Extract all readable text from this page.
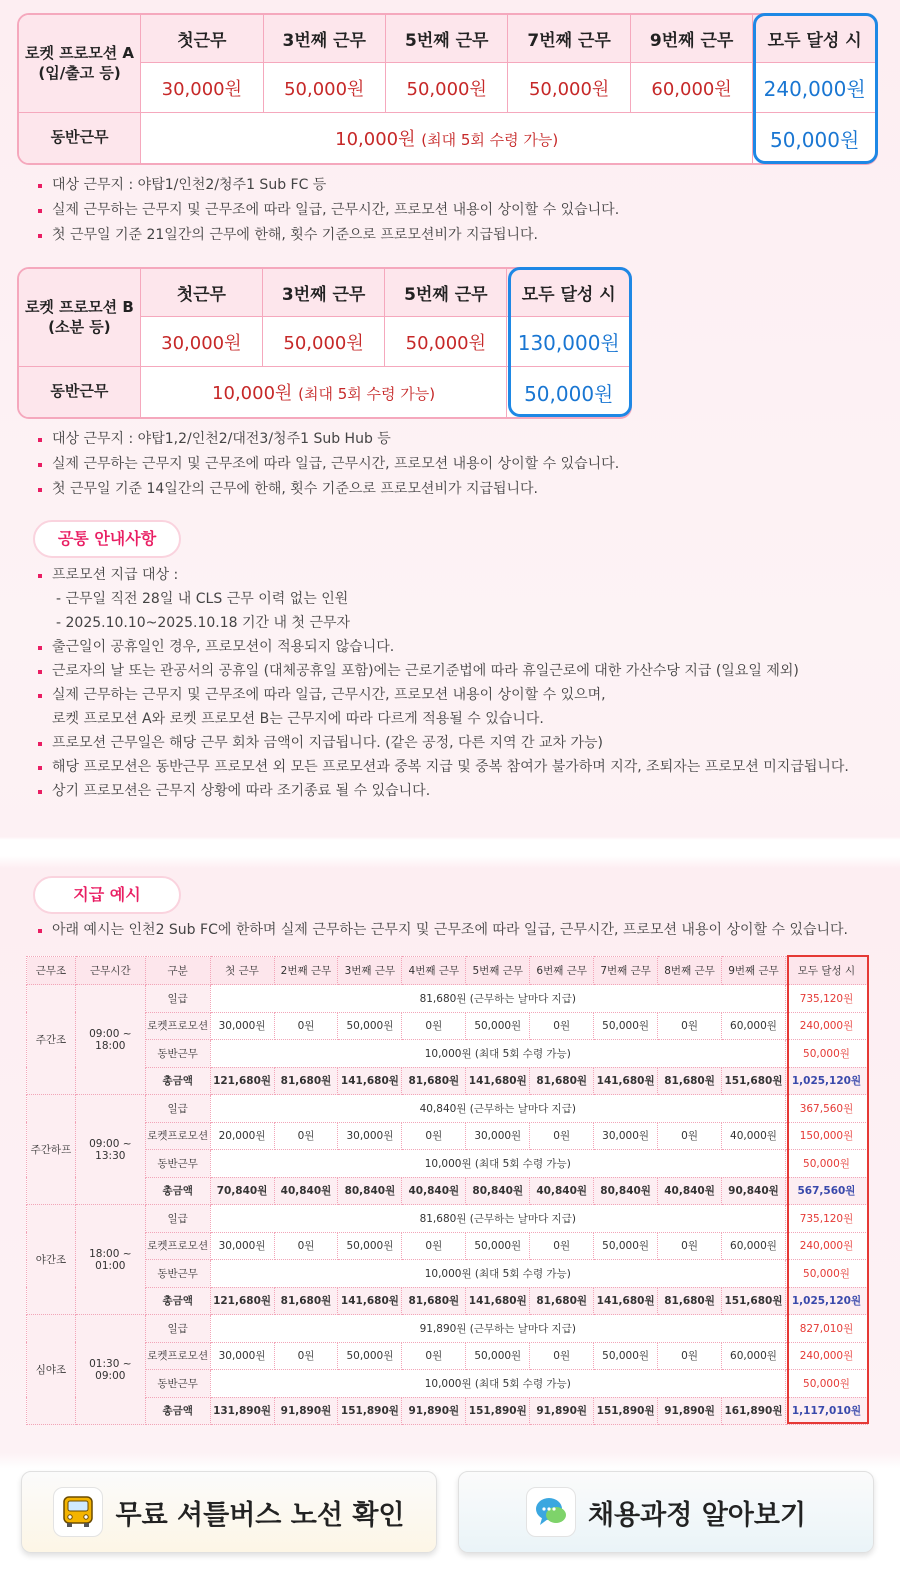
로켓 프로모션 A
(입/출고 등)	첫근무	3번째 근무	5번째 근무	7번째 근무	9번째 근무	모두 달성 시
	30,000원	50,000원	50,000원	50,000원	60,000원	240,000원
동반근무	10,000원 (최대 5회 수령 가능)					50,000원
대상 근무지 : 야탑1/인천2/청주1 Sub FC 등
실제 근무하는 근무지 및 근무조에 따라 일급, 근무시간, 프로모션 내용이 상이할 수 있습니다.
첫 근무일 기준 21일간의 근무에 한해, 횟수 기준으로 프로모션비가 지급됩니다.
로켓 프로모션 B
(소분 등)	첫근무	3번째 근무	5번째 근무	모두 달성 시
	30,000원	50,000원	50,000원	130,000원
동반근무	10,000원 (최대 5회 수령 가능)			50,000원
대상 근무지 : 야탑1,2/인천2/대전3/청주1 Sub Hub 등
실제 근무하는 근무지 및 근무조에 따라 일급, 근무시간, 프로모션 내용이 상이할 수 있습니다.
첫 근무일 기준 14일간의 근무에 한해, 횟수 기준으로 프로모션비가 지급됩니다.
공통 안내사항
프로모션 지급 대상 :
- 근무일 직전 28일 내 CLS 근무 이력 없는 인원
- 2025.10.10~2025.10.18 기간 내 첫 근무자
출근일이 공휴일인 경우, 프로모션이 적용되지 않습니다.
근로자의 날 또는 관공서의 공휴일 (대체공휴일 포함)에는 근로기준법에 따라 휴일근로에 대한 가산수당 지급 (일요일 제외)
실제 근무하는 근무지 및 근무조에 따라 일급, 근무시간, 프로모션 내용이 상이할 수 있으며,
로켓 프로모션 A와 로켓 프로모션 B는 근무지에 따라 다르게 적용될 수 있습니다.
프로모션 근무일은 해당 근무 회차 금액이 지급됩니다. (같은 공정, 다른 지역 간 교차 가능)
해당 프로모션은 동반근무 프로모션 외 모든 프로모션과 중복 지급 및 중복 참여가 불가하며 지각, 조퇴자는 프로모션 미지급됩니다.
상기 프로모션은 근무지 상황에 따라 조기종료 될 수 있습니다.
지급 예시
아래 예시는 인천2 Sub FC에 한하며 실제 근무하는 근무지 및 근무조에 따라 일급, 근무시간, 프로모션 내용이 상이할 수 있습니다.
근무조	근무시간	구분	첫 근무	2번째 근무	3번째 근무	4번째 근무	5번째 근무	6번째 근무	7번째 근무	8번째 근무	9번째 근무	모두 달성 시
주간조	09:00 ~ 18:00	일급	81,680원 (근무하는 날마다 지급)									735,120원
		로켓프로모션	30,000원	0원	50,000원	0원	50,000원	0원	50,000원	0원	60,000원	240,000원
		동반근무	10,000원 (최대 5회 수령 가능)									50,000원
		총금액	121,680원	81,680원	141,680원	81,680원	141,680원	81,680원	141,680원	81,680원	151,680원	1,025,120원
주간하프	09:00 ~ 13:30	일급	40,840원 (근무하는 날마다 지급)									367,560원
		로켓프로모션	20,000원	0원	30,000원	0원	30,000원	0원	30,000원	0원	40,000원	150,000원
		동반근무	10,000원 (최대 5회 수령 가능)									50,000원
		총금액	70,840원	40,840원	80,840원	40,840원	80,840원	40,840원	80,840원	40,840원	90,840원	567,560원
야간조	18:00 ~ 01:00	일급	81,680원 (근무하는 날마다 지급)									735,120원
		로켓프로모션	30,000원	0원	50,000원	0원	50,000원	0원	50,000원	0원	60,000원	240,000원
		동반근무	10,000원 (최대 5회 수령 가능)									50,000원
		총금액	121,680원	81,680원	141,680원	81,680원	141,680원	81,680원	141,680원	81,680원	151,680원	1,025,120원
심야조	01:30 ~ 09:00	일급	91,890원 (근무하는 날마다 지급)									827,010원
		로켓프로모션	30,000원	0원	50,000원	0원	50,000원	0원	50,000원	0원	60,000원	240,000원
		동반근무	10,000원 (최대 5회 수령 가능)									50,000원
		총금액	131,890원	91,890원	151,890원	91,890원	151,890원	91,890원	151,890원	91,890원	161,890원	1,117,010원
무료 셔틀버스 노선 확인	채용과정 알아보기
